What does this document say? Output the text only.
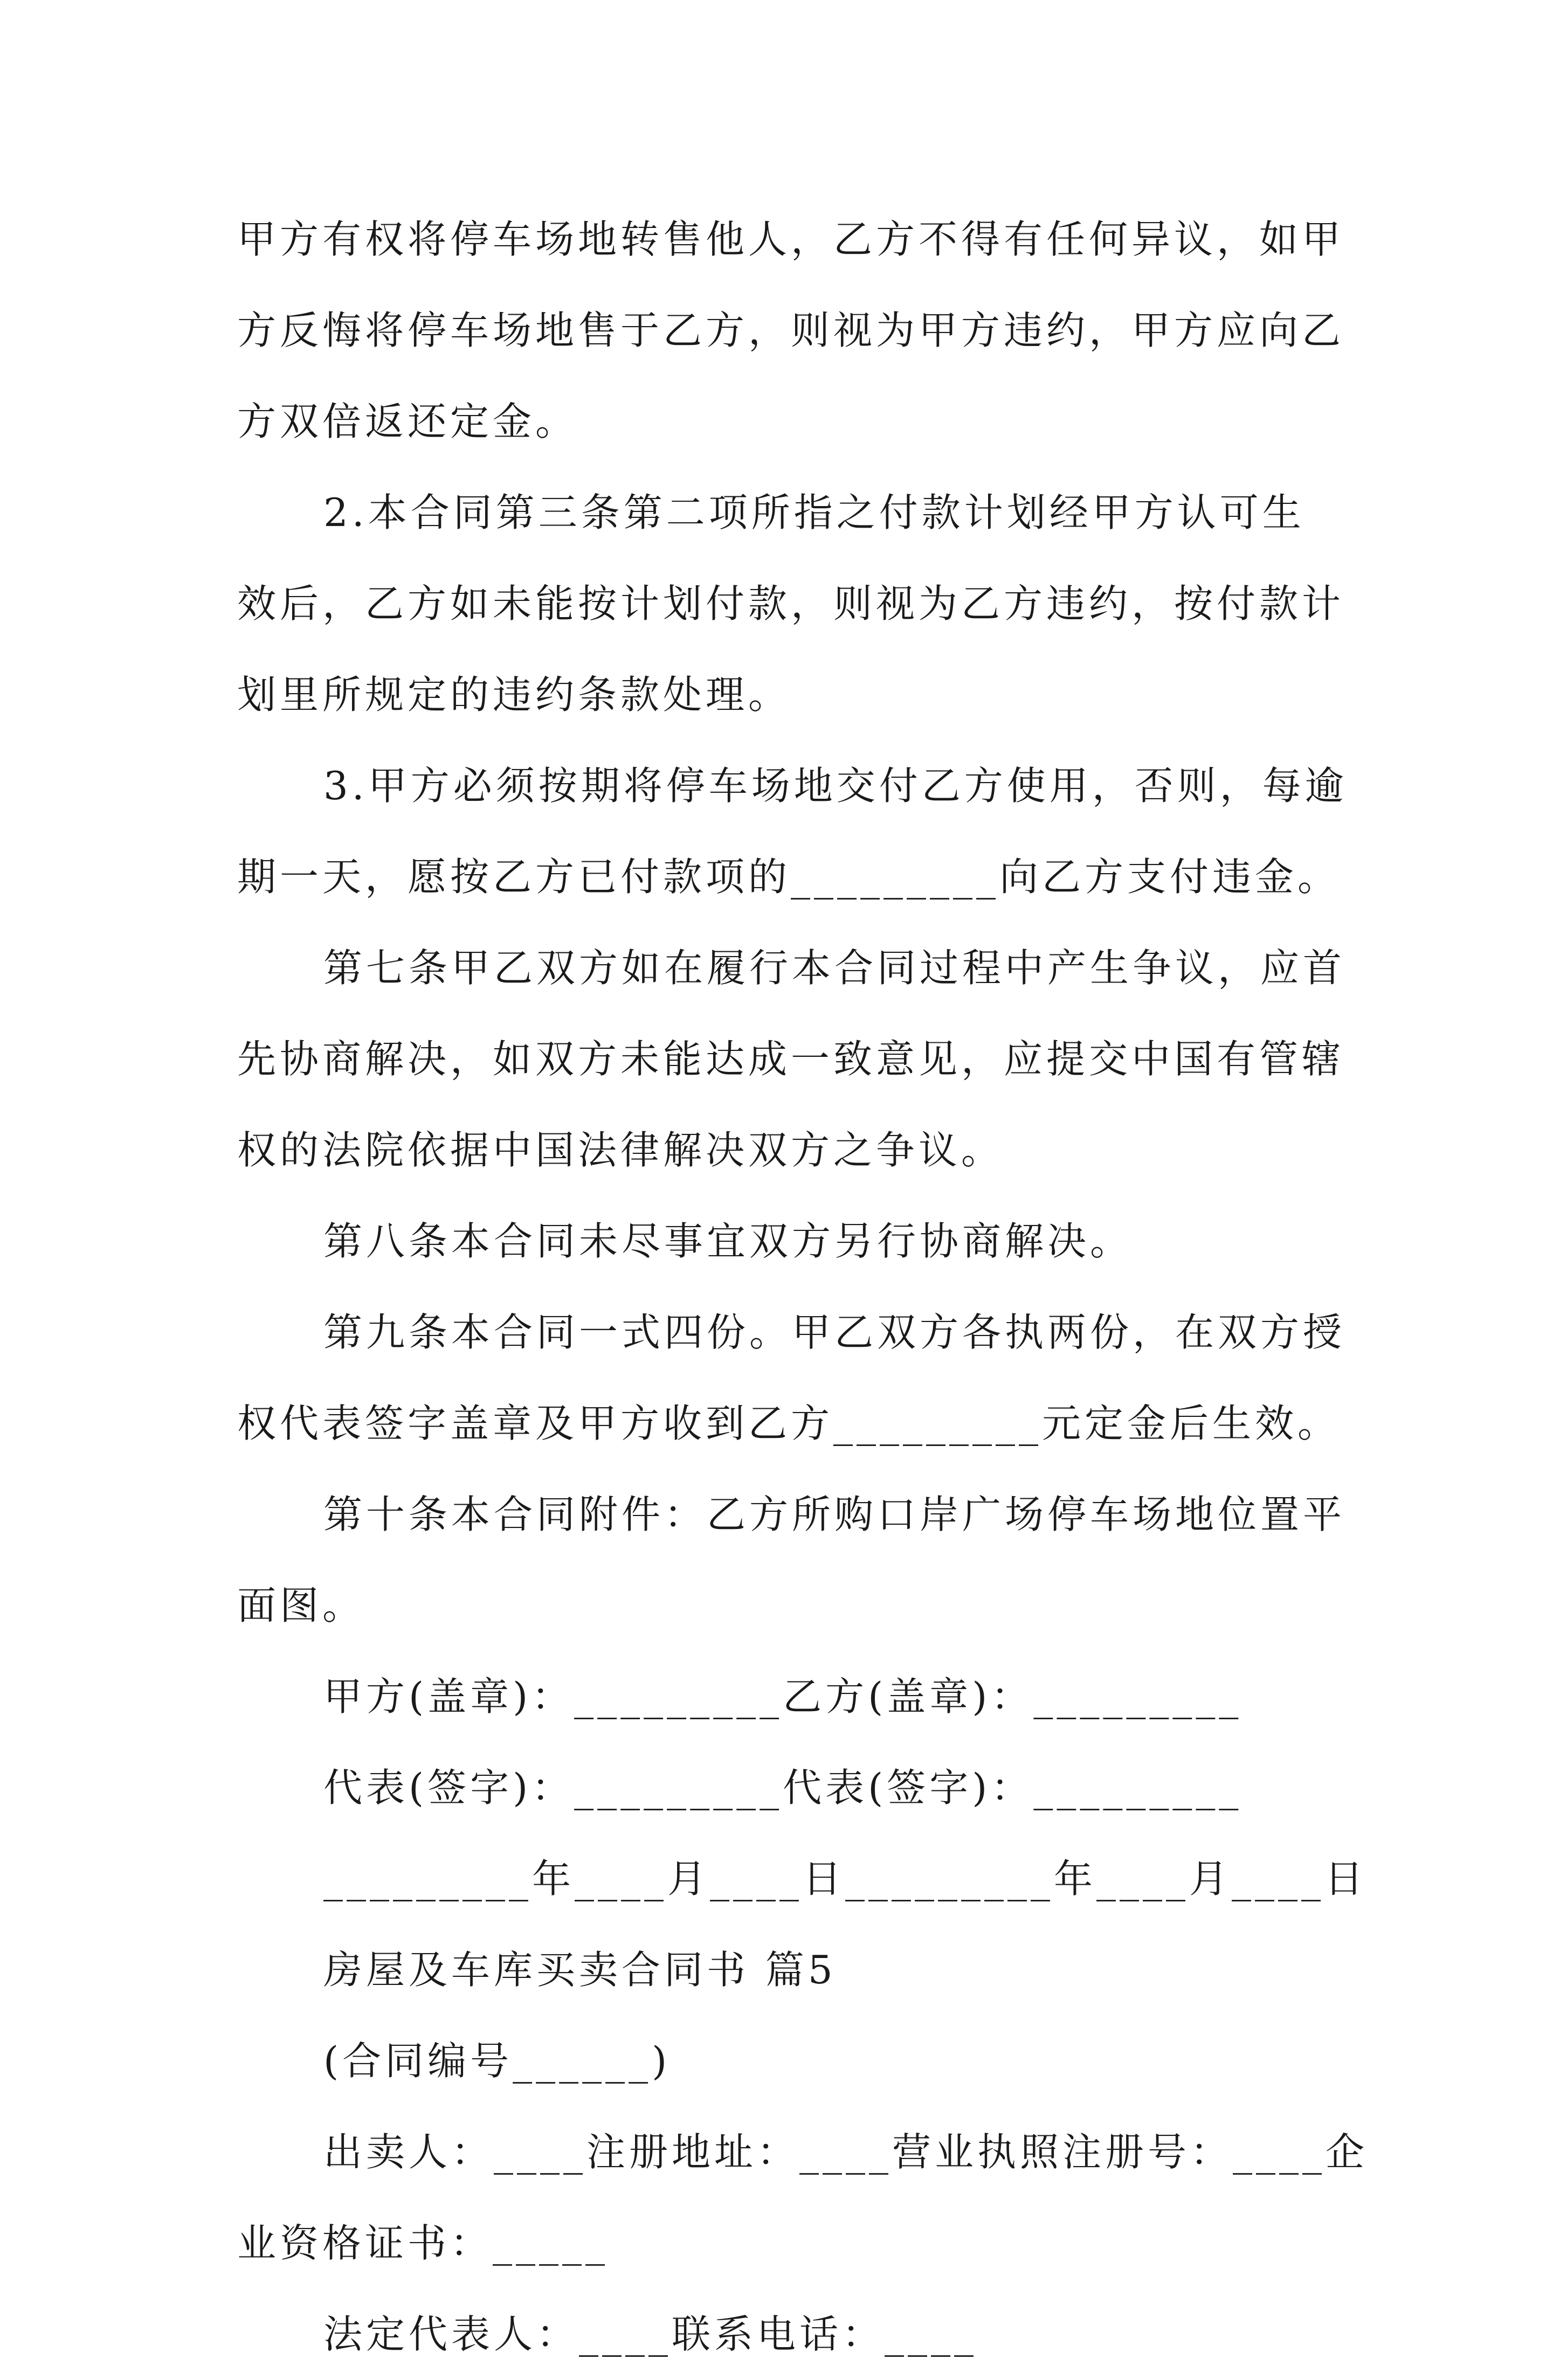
甲方有权将停车场地转售他人，乙方不得有任何异议，如甲
方反悔将停车场地售于乙方，则视为甲方违约，甲方应向乙
方双倍返还定金。
2.本合同第三条第二项所指之付款计划经甲方认可生
效后，乙方如未能按计划付款，则视为乙方违约，按付款计
划里所规定的违约条款处理。
3.甲方必须按期将停车场地交付乙方使用，否则，每逾
期一天，愿按乙方已付款项的_________向乙方支付违金。
第七条甲乙双方如在履行本合同过程中产生争议，应首
先协商解决，如双方未能达成一致意见，应提交中国有管辖
权的法院依据中国法律解决双方之争议。
第八条本合同未尽事宜双方另行协商解决。
第九条本合同一式四份。甲乙双方各执两份，在双方授
权代表签字盖章及甲方收到乙方_________元定金后生效。
第十条本合同附件：乙方所购口岸广场停车场地位置平
面图。
甲方(盖章)：_________乙方(盖章)：_________
代表(签字)：_________代表(签字)：_________
_________年____月____日_________年____月____日
房屋及车库买卖合同书 篇5
(合同编号______)
出卖人：____注册地址：____营业执照注册号：____企
业资格证书：_____
法定代表人：____联系电话：____
